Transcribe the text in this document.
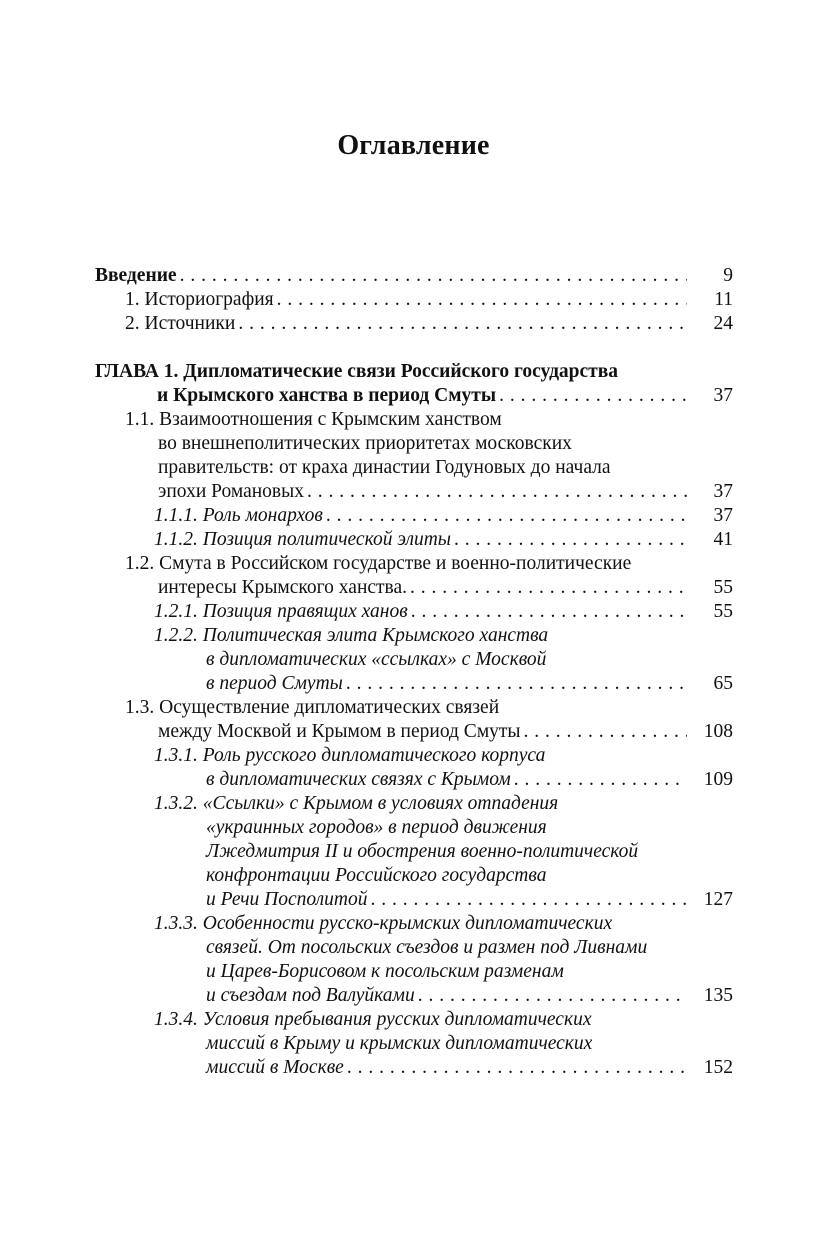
Оглавление
Введение . . .	9
1. Историография . . .	11
2. Источники . . .	24
ГЛАВА 1. Дипломатические связи Российского государства
и Крымского ханства в период Смуты . . .	37
1.1. Взаимоотношения с Крымским ханством
во внешнеполитических приоритетах московских
правительств: от краха династии Годуновых до начала
эпохи Романовых . . .	37
1.1.1. Роль монархов . . .	37
1.1.2. Позиция политической элиты . . .	41
1.2. Смута в Российском государстве и военно-политические
интересы Крымского ханства. . . .	55
1.2.1. Позиция правящих ханов . . .	55
1.2.2. Политическая элита Крымского ханства
в дипломатических «ссылках» с Москвой
в период Смуты . . .	65
1.3. Осуществление дипломатических связей
между Москвой и Крымом в период Смуты . . .	108
1.3.1. Роль русского дипломатического корпуса
в дипломатических связях с Крымом . . .	109
1.3.2. «Ссылки» с Крымом в условиях отпадения
«украинных городов» в период движения
Лжедмитрия II и обострения военно-политической
конфронтации Российского государства
и Речи Посполитой . . .	127
1.3.3. Особенности русско-крымских дипломатических
связей. От посольских съездов и размен под Ливнами
и Царев-Борисовом к посольским разменам
и съездам под Валуйками . . .	135
1.3.4. Условия пребывания русских дипломатических
миссий в Крыму и крымских дипломатических
миссий в Москве . . .	152
